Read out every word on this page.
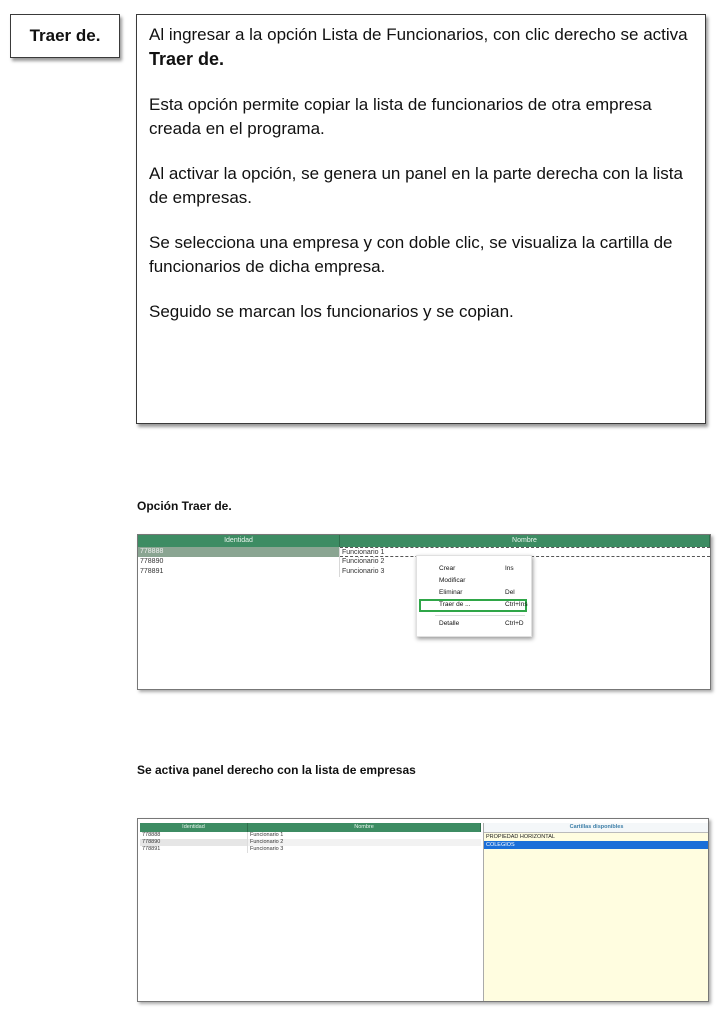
Traer de.	Al ingresar a la opción Lista de Funcionarios, con clic derecho se activa Traer de.

Esta opción permite copiar la lista de funcionarios de otra empresa creada en el programa.

Al activar la opción, se genera un panel en la parte derecha con la lista de empresas.

Se selecciona una empresa y con doble clic, se visualiza la cartilla de funcionarios de dicha empresa.

Seguido se marcan los funcionarios y se copian.

Opción Traer de.
Identidad	Nombre
778888	Funcionario 1
778890	Funcionario 2
778891	Funcionario 3	Crear	Ins
Modificar
Eliminar	Del
Traer de ...	Ctrl+Ins
Detalle	Ctrl+D
Se activa panel derecho con la lista de empresas
Identidad	Nombre
778888	Funcionario 1
778890	Funcionario 2
778891	Funcionario 3
Cartillas disponibles
PROPIEDAD HORIZONTAL
COLEGIOS
